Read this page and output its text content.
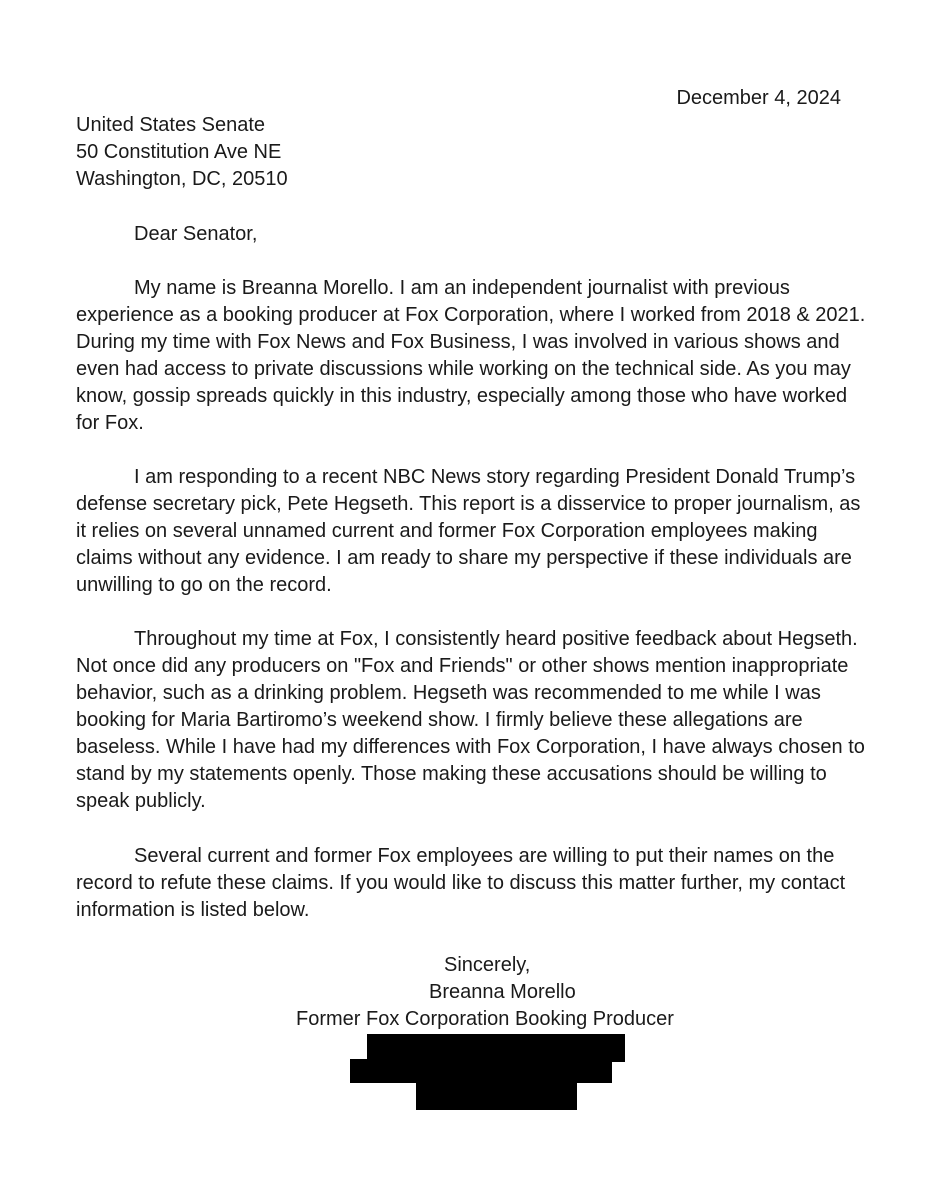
December 4, 2024
United States Senate
50 Constitution Ave NE
Washington, DC, 20510
Dear Senator,

My name is Breanna Morello. I am an independent journalist with previous experience as a booking producer at Fox Corporation, where I worked from 2018 & 2021. During my time with Fox News and Fox Business, I was involved in various shows and even had access to private discussions while working on the technical side. As you may know, gossip spreads quickly in this industry, especially among those who have worked for Fox.

I am responding to a recent NBC News story regarding President Donald Trump’s defense secretary pick, Pete Hegseth. This report is a disservice to proper journalism, as it relies on several unnamed current and former Fox Corporation employees making claims without any evidence. I am ready to share my perspective if these individuals are unwilling to go on the record.

Throughout my time at Fox, I consistently heard positive feedback about Hegseth. Not once did any producers on "Fox and Friends" or other shows mention inappropriate behavior, such as a drinking problem. Hegseth was recommended to me while I was booking for Maria Bartiromo’s weekend show. I firmly believe these allegations are baseless. While I have had my differences with Fox Corporation, I have always chosen to stand by my statements openly. Those making these accusations should be willing to speak publicly.

Several current and former Fox employees are willing to put their names on the record to refute these claims. If you would like to discuss this matter further, my contact information is listed below.

Sincerely,
Breanna Morello
Former Fox Corporation Booking Producer
